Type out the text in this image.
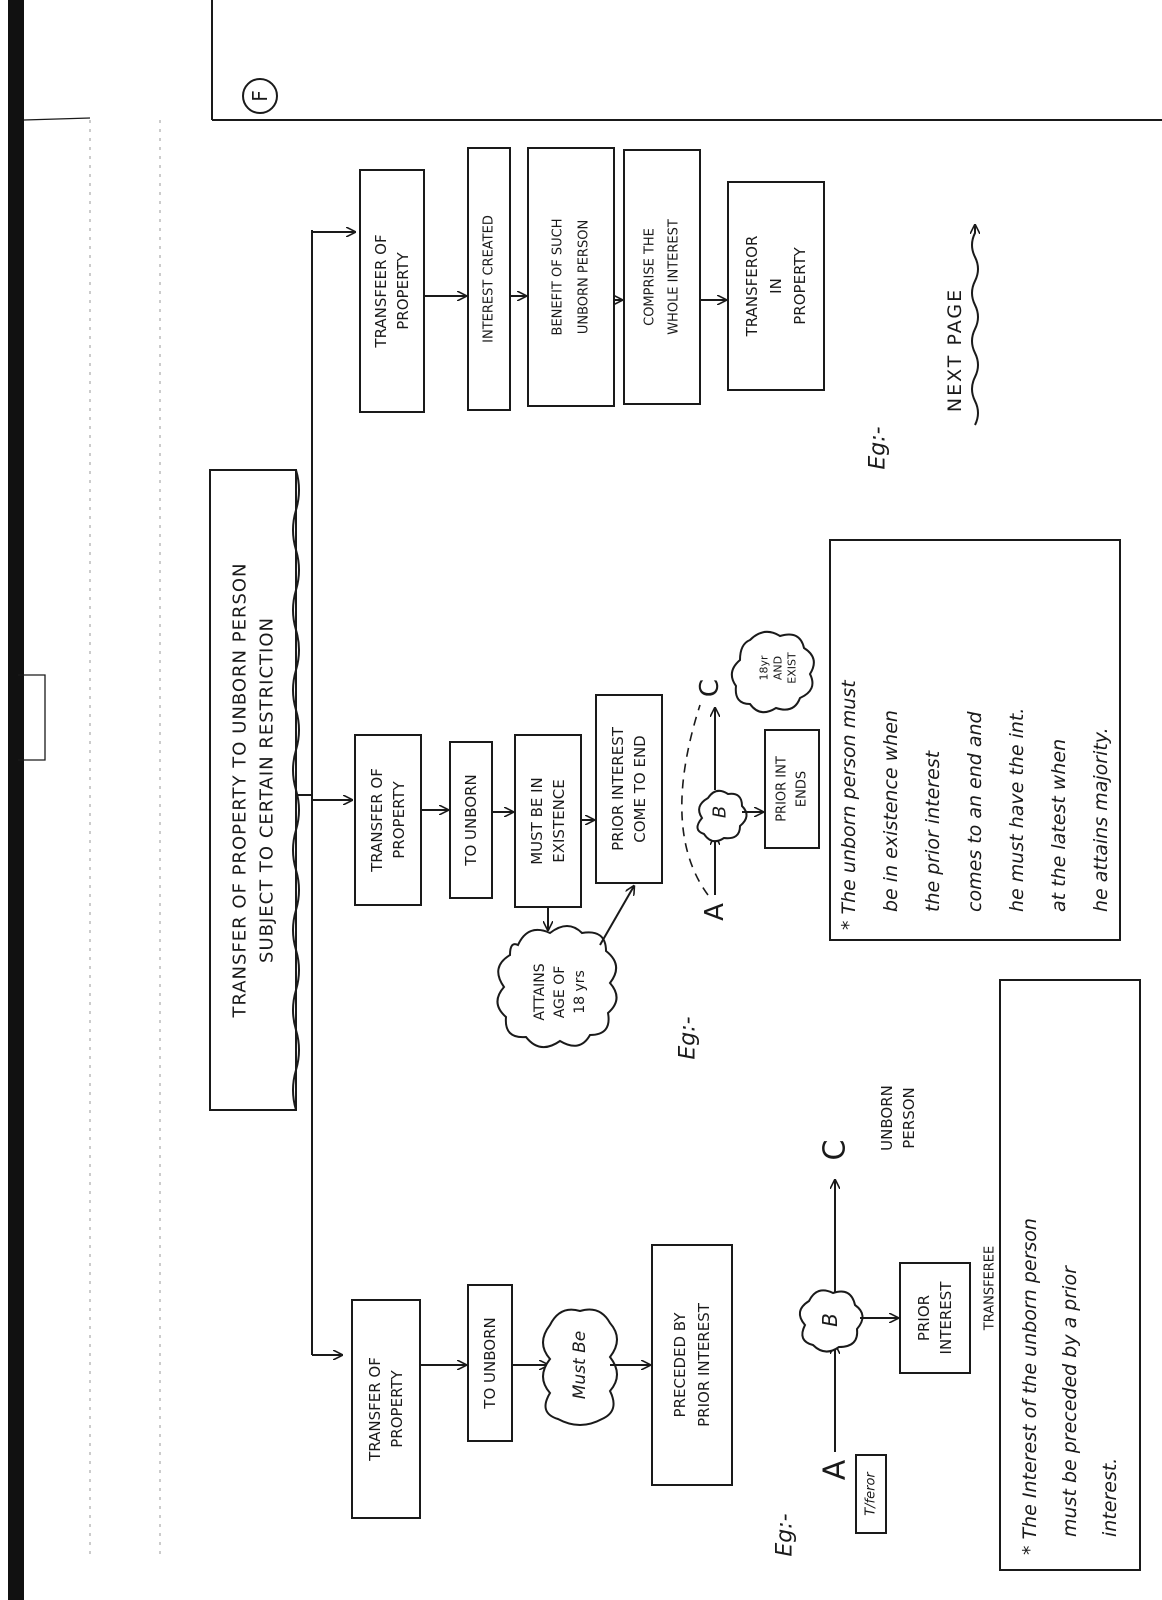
F
TRANSFER OF PROPERTY TO UNBORN PERSON SUBJECT TO CERTAIN RESTRICTION
TRANSFER OF PROPERTY
TO UNBORN	Must Be	PRECEDED BY PRIOR INTEREST
Eg:-
A
T/feror
B	PRIOR INTEREST TRANSFEREE
C UNBORN PERSON
* The Interest of the unborn person must be preceded by a prior interest.
TRANSFER OF PROPERTY	TO UNBORN	MUST BE IN EXISTENCE	PRIOR INTEREST COME TO END
ATTAINS AGE OF 18 yrs
Eg:-
A
B	PRIOR INT ENDS
C
18yr AND EXIST
* The unborn person must be in existence when the prior interest comes to an end and he must have the int. at the latest when he attains majority.
TRANSFEER OF PROPERTY	INTEREST CREATED	BENEFIT OF SUCH UNBORN PERSON	COMPRISE THE WHOLE INTEREST	TRANSFEROR IN PROPERTY
Eg:-
NEXT PAGE
